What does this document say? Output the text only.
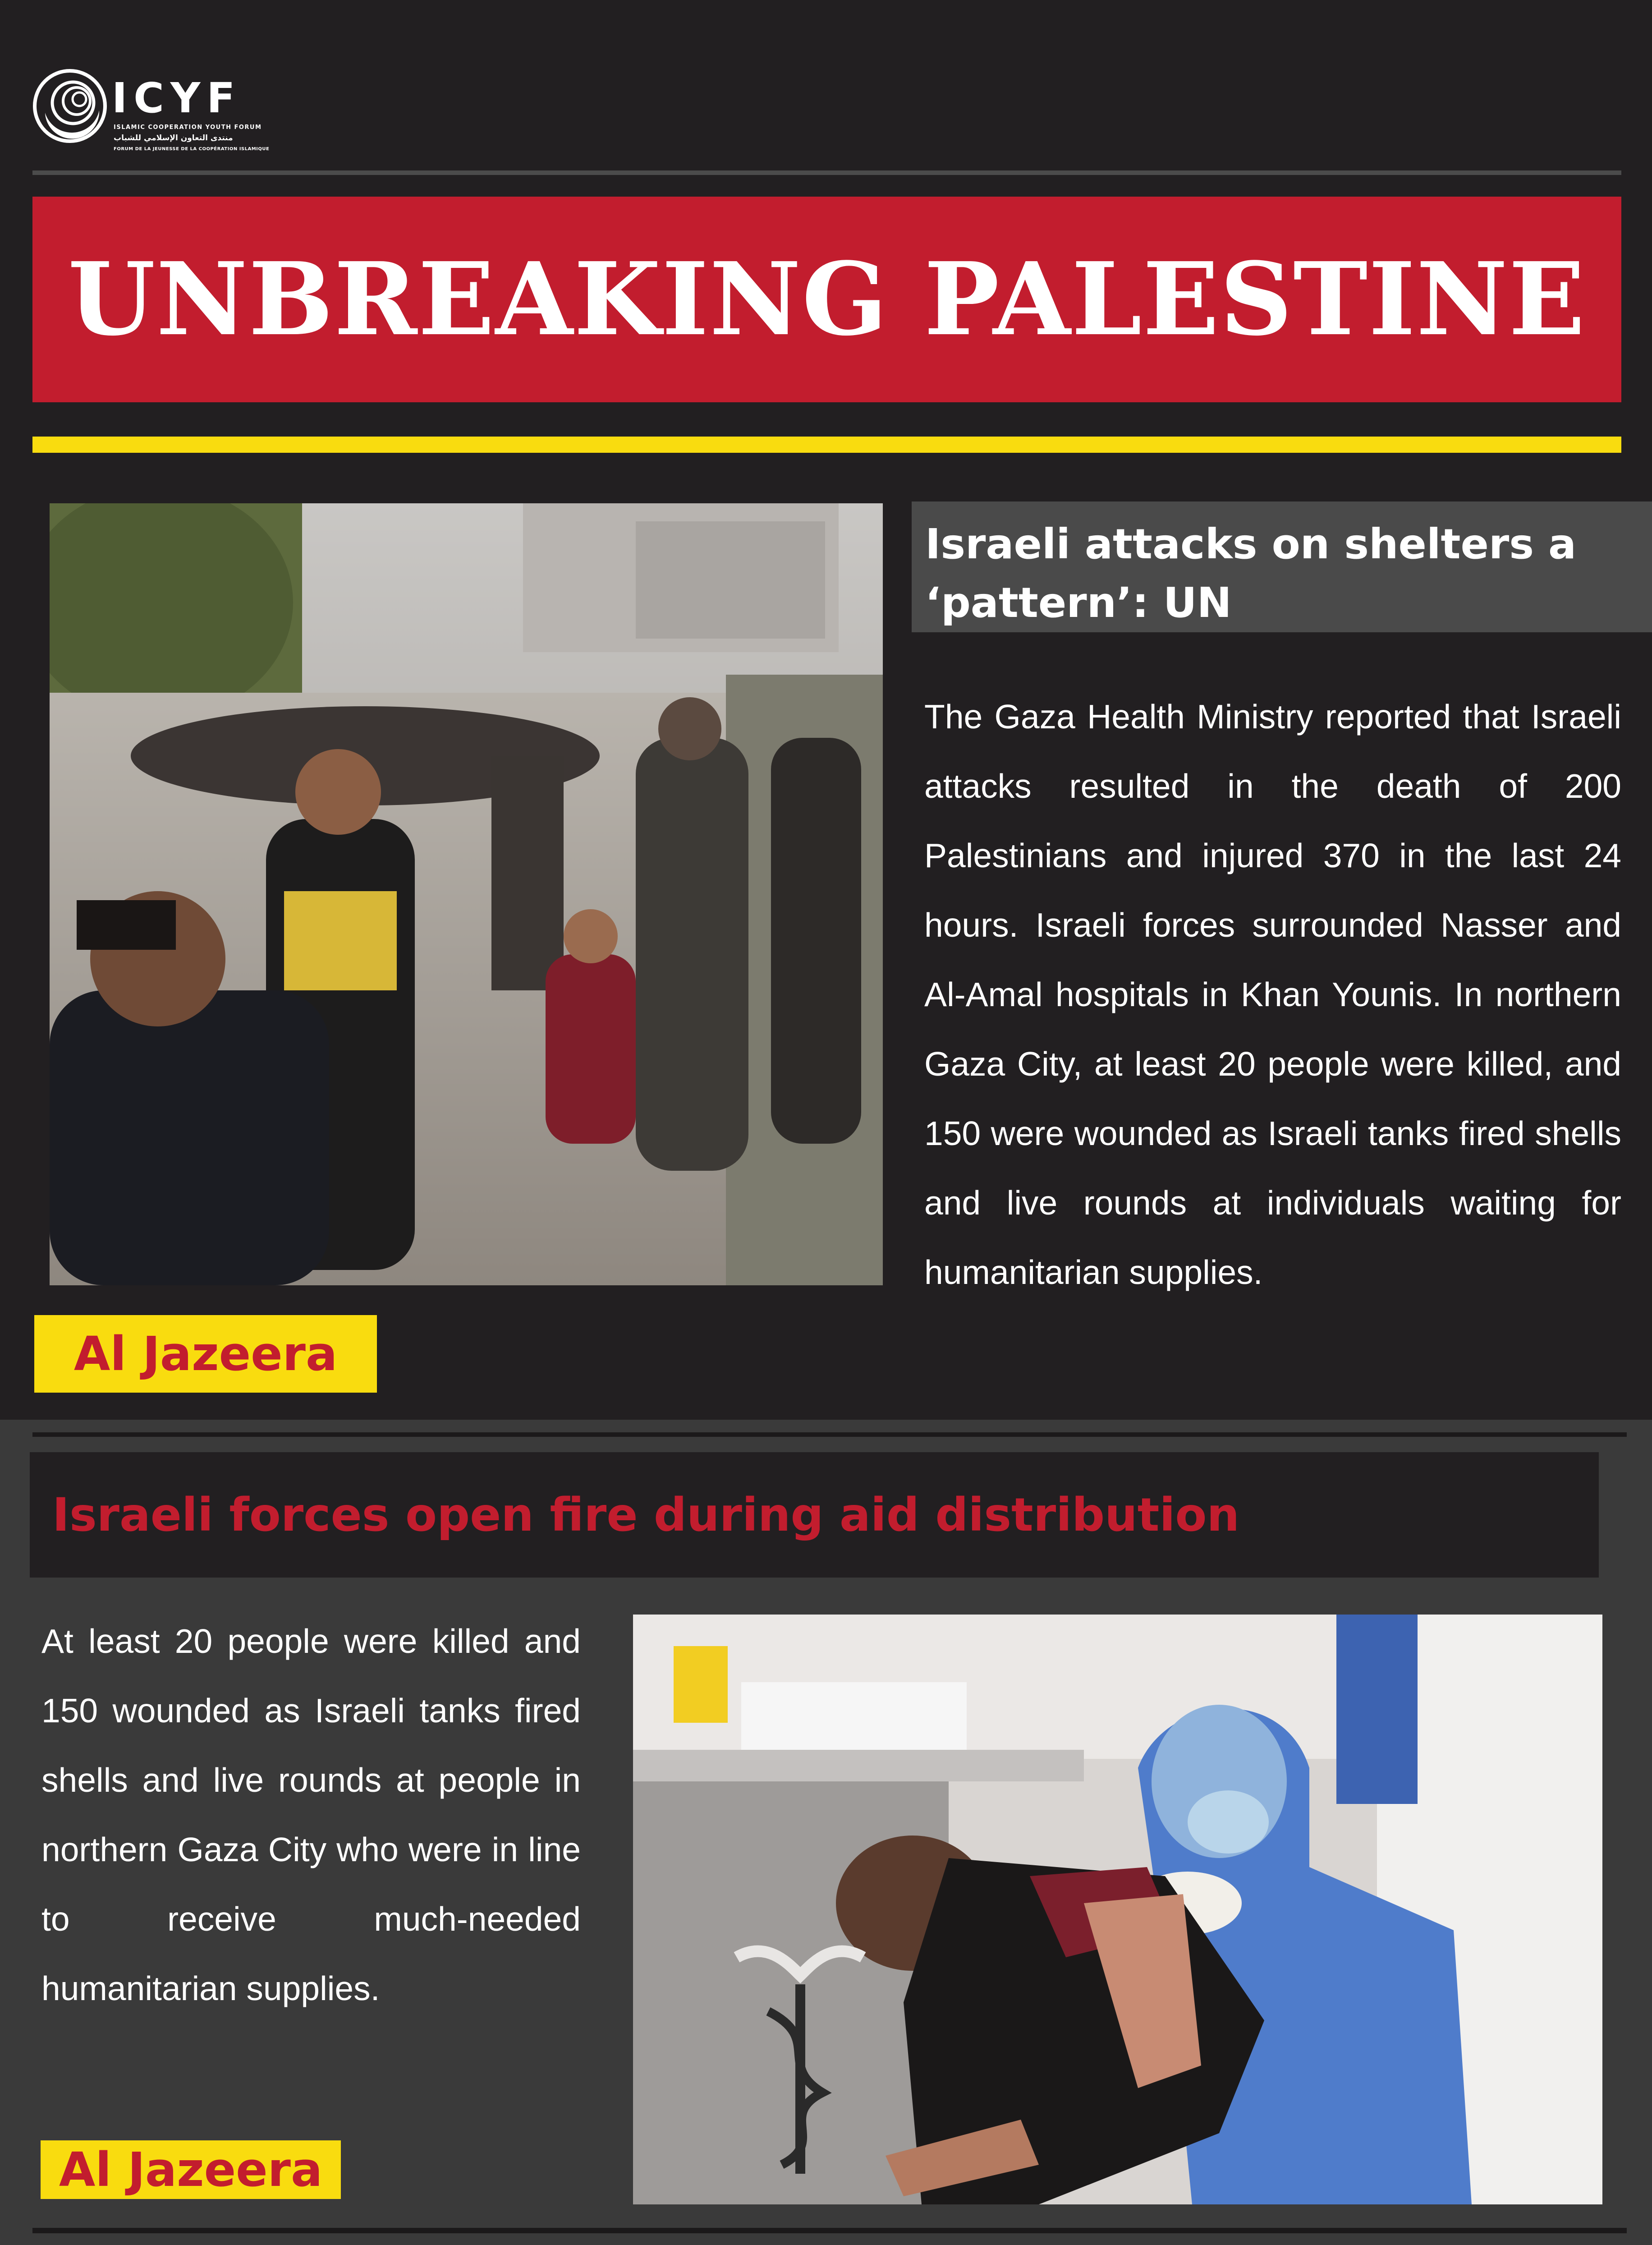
ICYF
ISLAMIC COOPERATION YOUTH FORUM
منتدى التعاون الإسلامي للشباب
FORUM DE LA JEUNESSE DE LA COOPÉRATION ISLAMIQUE
UNBREAKING PALESTINE
Israeli attacks on shelters a
‘pattern’: UN

The Gaza Health Ministry reported that Israeli attacks resulted in the death of 200 Palestinians and injured 370 in the last 24 hours. Israeli forces surrounded Nasser and Al-Amal hospitals in Khan Younis. In northern Gaza City, at least 20 people were killed, and 150 were wounded as Israeli tanks fired shells and live rounds at individuals waiting for humanitarian supplies.

Al Jazeera
Israeli forces open fire during aid distribution

At least 20 people were killed and 150 wounded as Israeli tanks fired shells and live rounds at people in northern Gaza City who were in line to receive much-needed humanitarian supplies.

Al Jazeera
